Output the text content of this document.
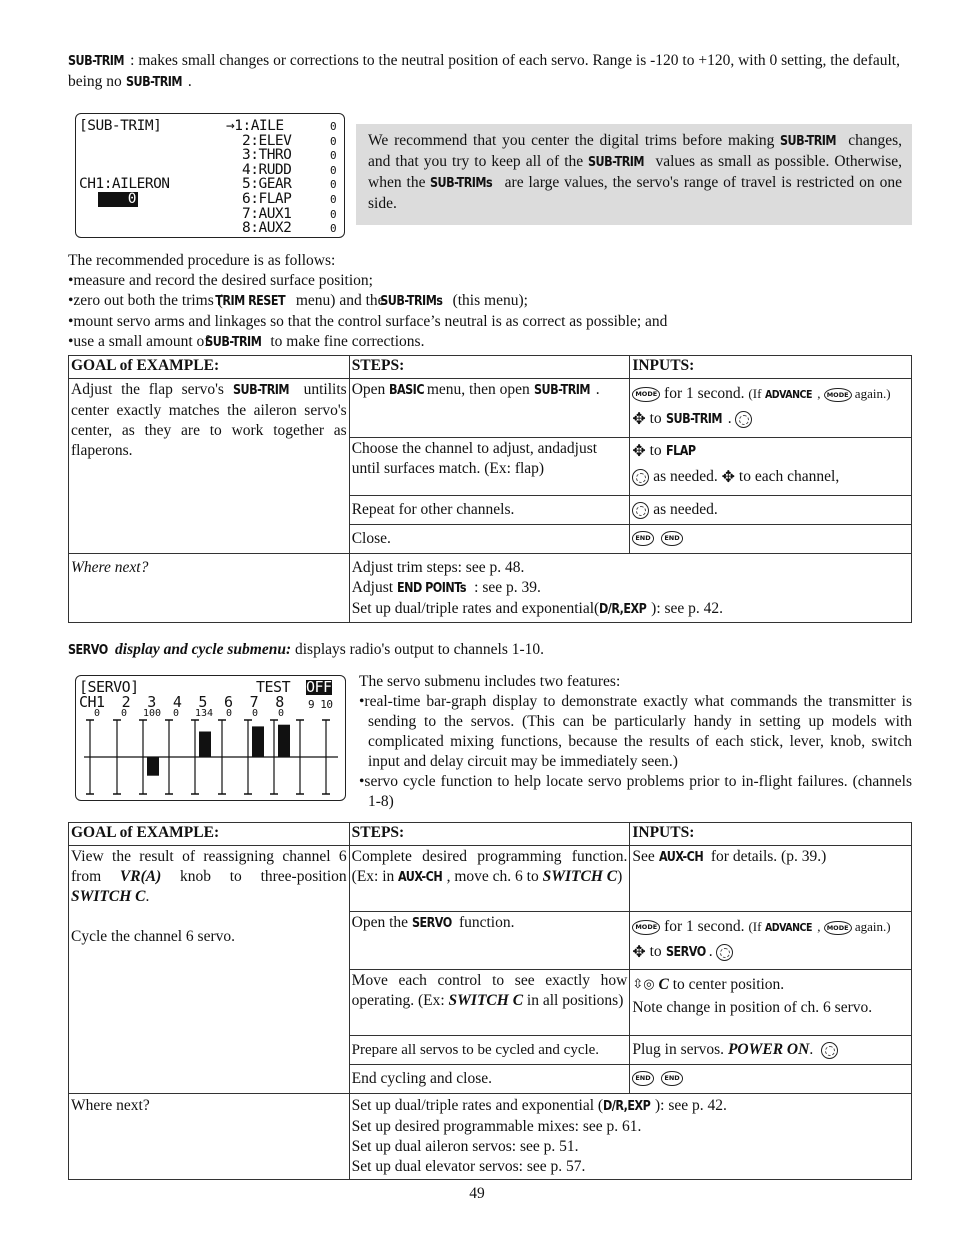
SUB-TRIM : makes small changes or corrections to the neutral position of each servo. Range is -120 to +120, with 0 setting, the default, being no SUB-TRIM .
[SUB-TRIM]	→1:AILE	0
2:ELEV	0
3:THRO	0
4:RUDD	0
5:GEAR	0
6:FLAP	0
7:AUX1	0
8:AUX2	0
CH1:AILERON
0
We recommend that you center the digital trims before making SUB-TRIM changes, and that you try to keep all of the SUB-TRIM values as small as possible. Otherwise, when the SUB-TRIMs are large values, the servo's range of travel is restricted on one side.
The recommended procedure is as follows:
•measure and record the desired surface position;
•zero out both the trims (TRIM RESET menu) and the SUB-TRIMs (this menu);
•mount servo arms and linkages so that the control surface’s neutral is as correct as possible; and
•use a small amount of SUB-TRIM to make fine corrections.
GOAL of EXAMPLE:	STEPS:	INPUTS:
Adjust the flap servo's SUB-TRIM untilits center exactly matches the aileron servo's center, as they are to work together as flaperons.	Open BASIC menu, then open SUB-TRIM .	MODE for 1 second. (If ADVANCE , MODE again.)
✥ to SUB-TRIM .

	Choose the channel to adjust, andadjust until surfaces match. (Ex: flap)	✥ to FLAP
as needed. ✥ to each channel,

	Repeat for other channels.	as needed.
	Close.	END END
Where next?	Adjust trim steps: see p. 48.
Adjust END POINTs : see p. 39.
Set up dual/triple rates and exponential(D/R,EXP ): see p. 42.	
SERVO display and cycle submenu: displays radio's output to channels 1-10.
[SERVO]	TEST OFF
CH1  2  3  4  5  6  7  8 9 10
0 0 100 0 134 0 0 0
The servo submenu includes two features:
•real-time bar-graph display to demonstrate exactly what commands the transmitter is sending to the servos. (This can be particularly handy in setting up models with complicated mixing functions, because the results of each stick, lever, knob, switch input and delay circuit may be immediately seen.)
•servo cycle function to help locate servo problems prior to in-flight failures. (channels 1-8)
GOAL of EXAMPLE:	STEPS:	INPUTS:

View the result of reassigning channel 6 from VR(A) knob to three-position SWITCH C.
Cycle the channel 6 servo.	Complete desired programming function. (Ex: in AUX-CH , move ch. 6 to SWITCH C)	See AUX-CH for details. (p. 39.)
	Open the SERVO function.	MODE for 1 second. (If ADVANCE , MODE again.)
✥ to SERVO .

	Move each control to see exactly how operating. (Ex: SWITCH C in all positions)	⇳◎ C to center position.
Note change in position of ch. 6 servo.

	Prepare all servos to be cycled and cycle.	Plug in servos. POWER ON.
	End cycling and close.	END END
Where next?	Set up dual/triple rates and exponential (D/R,EXP ): see p. 42.
Set up desired programmable mixes: see p. 61.
Set up dual aileron servos: see p. 51.
Set up dual elevator servos: see p. 57.	
49
